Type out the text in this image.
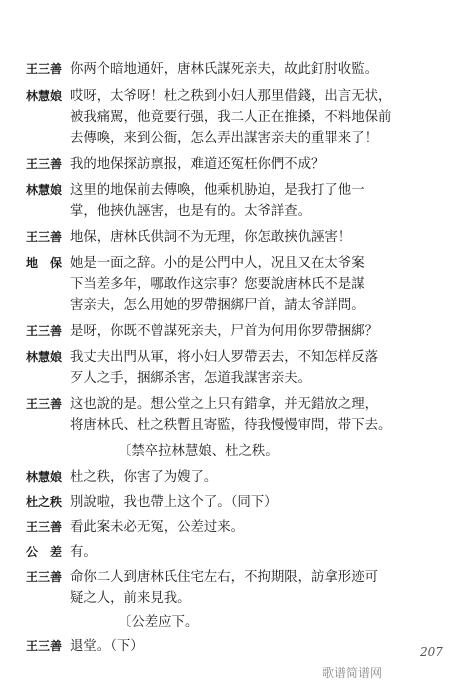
王三善 你两个暗地通奸，唐林氏謀死亲夫，故此釘肘收監。
林慧娘 哎呀，太爷呀！杜之秩到小妇人那里借錢，出言无状，
被我痛駡，他竟要行强，我二人正在推搡，不料地保前
去傳喚，来到公衙，怎么弄出謀害亲夫的重罪来了！
王三善 我的地保探訪禀报，难道还冤枉你們不成？
林慧娘 这里的地保前去傳喚，他乘机胁迫，是我打了他一
掌，他挾仇誣害，也是有的。太爷詳查。
王三善 地保，唐林氏供詞不为无理，你怎敢挾仇誣害！
地　保 她是一面之辞。小的是公門中人，况且又在太爷案
下当差多年，哪敢作这宗事？您要說唐林氏不是謀
害亲夫，怎么用她的罗帶捆綁尸首，請太爷詳問。
王三善 是呀，你既不曾謀死亲夫，尸首为何用你罗帶捆綁？
林慧娘 我丈夫出門从軍，将小妇人罗帶丟去，不知怎样反落
歹人之手，捆綁杀害，怎道我謀害亲夫。
王三善 这也說的是。想公堂之上只有錯拿，并无錯放之理，
将唐林氏、杜之秩暫且寄監，待我慢慢审問，带下去。
〔禁卒拉林慧娘、杜之秩。
林慧娘 杜之秩，你害了为嫂了。
杜之秩 別說啦，我也帶上这个了。（同下）
王三善 看此案未必无冤，公差过来。
公　差 有。
王三善 命你二人到唐林氏住宅左右，不拘期限，訪拿形迹可
疑之人，前来見我。
〔公差应下。
王三善 退堂。（下）	207
歌谱简谱网
